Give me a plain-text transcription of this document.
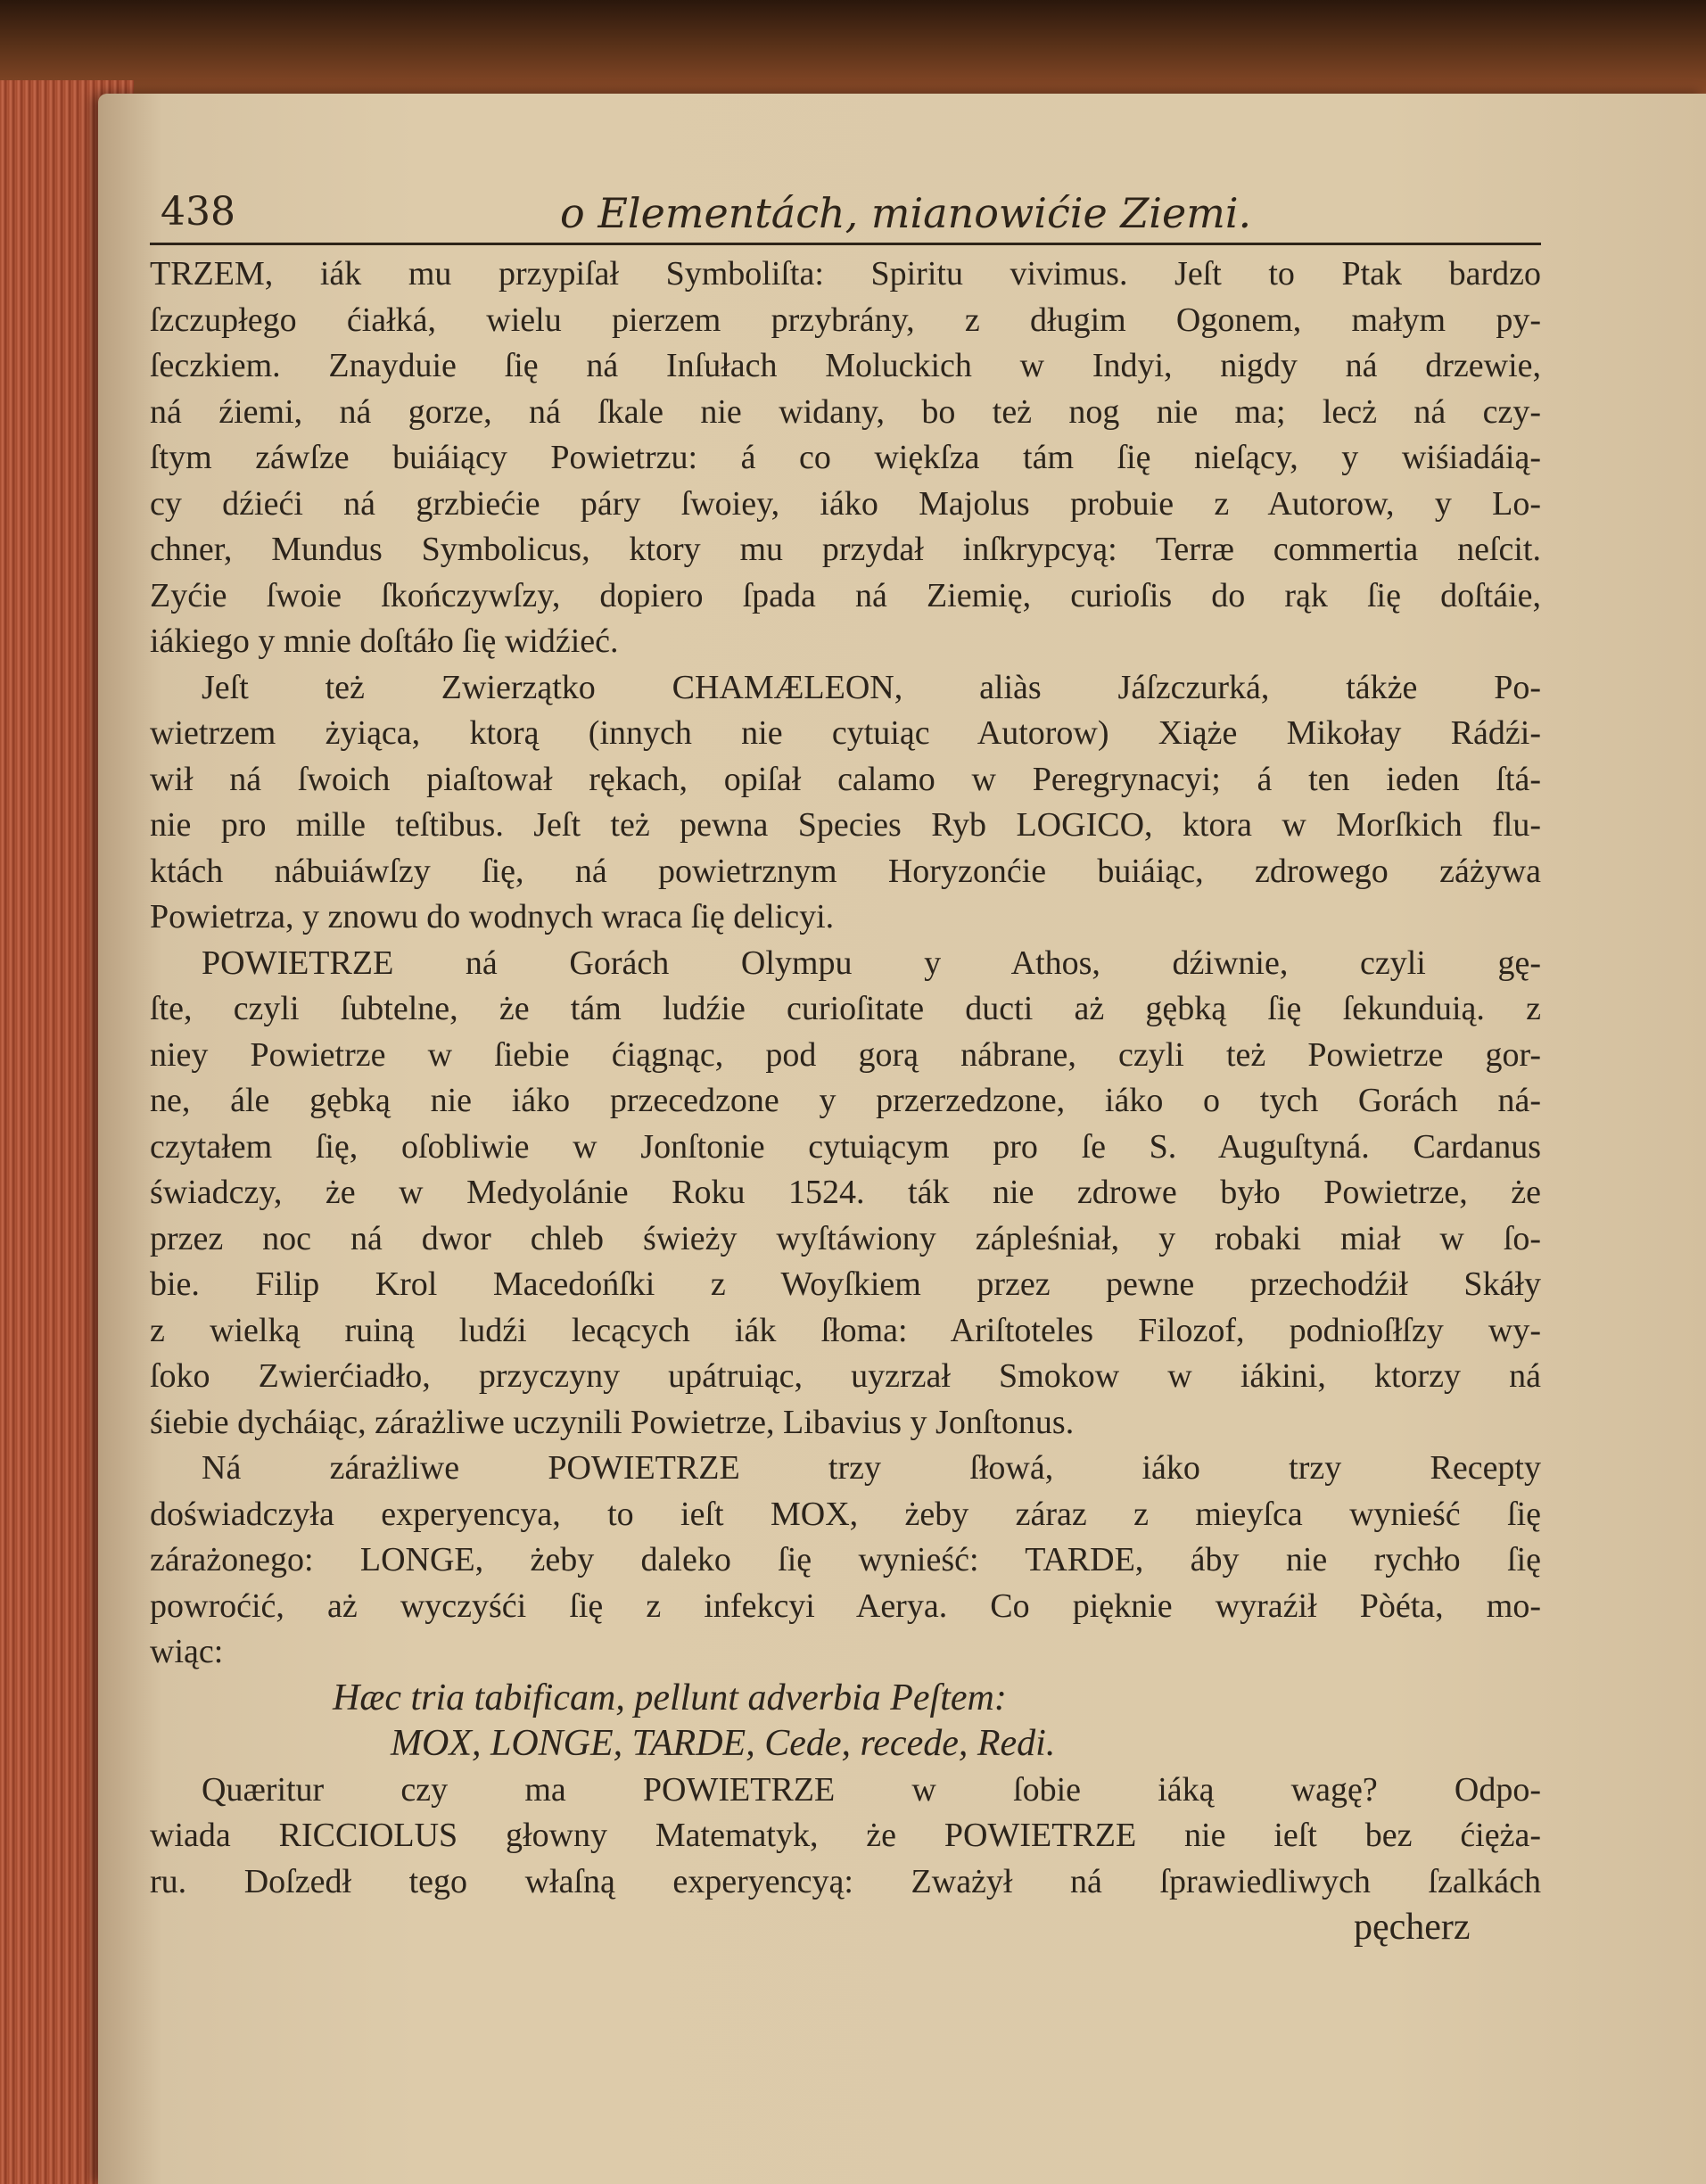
438	o Elementách, mianowićie Ziemi.
TRZEM, iák mu przypiſał Symboliſta: Spiritu vivimus. Jeſt to Ptak bardzo
ſzczupłego ćiałká, wielu pierzem przybrány, z długim Ogonem, małym py-
ſeczkiem. Znayduie ſię ná Inſułach Moluckich w Indyi, nigdy ná drzewie,
ná źiemi, ná gorze, ná ſkale nie widany, bo też nog nie ma; lecż ná czy-
ſtym záwſze buiáiący Powietrzu: á co więkſza tám ſię nieſący, y wiśiadáią-
cy dźieći ná grzbiećie páry ſwoiey, iáko Majolus probuie z Autorow, y Lo-
chner, Mundus Symbolicus, ktory mu przydał inſkrypcyą: Terræ commertia neſcit.
Zyćie ſwoie ſkończywſzy, dopiero ſpada ná Ziemię, curioſis do rąk ſię doſtáie,
iákiego y mnie doſtáło ſię widźieć.
Jeſt też Zwierzątko CHAMÆLEON, aliàs Jáſzczurká, tákże Po-
wietrzem żyiąca, ktorą (innych nie cytuiąc Autorow) Xiąże Mikołay Rádźi-
wił ná ſwoich piaſtował rękach, opiſał calamo w Peregrynacyi; á ten ieden ſtá-
nie pro mille teſtibus. Jeſt też pewna Species Ryb LOGICO, ktora w Morſkich flu-
ktách nábuiáwſzy ſię, ná powietrznym Horyzonćie buiáiąc, zdrowego záżywa
Powietrza, y znowu do wodnych wraca ſię delicyi.
POWIETRZE ná Gorách Olympu y Athos, dźiwnie, czyli gę-
ſte, czyli ſubtelne, że tám ludźie curioſitate ducti aż gębką ſię ſekunduią. z
niey Powietrze w ſiebie ćiągnąc, pod gorą nábrane, czyli też Powietrze gor-
ne, ále gębką nie iáko przecedzone y przerzedzone, iáko o tych Gorách ná-
czytałem ſię, oſobliwie w Jonſtonie cytuiącym pro ſe S. Auguſtyná. Cardanus
świadczy, że w Medyolánie Roku 1524. ták nie zdrowe było Powietrze, że
przez noc ná dwor chleb świeży wyſtáwiony zápleśniał, y robaki miał w ſo-
bie. Filip Krol Macedońſki z Woyſkiem przez pewne przechodźił Skáły
z wielką ruiną ludźi lecących iák ſłoma: Ariſtoteles Filozof, podnioſłſzy wy-
ſoko Zwierćiadło, przyczyny upátruiąc, uyzrzał Smokow w iákini, ktorzy ná
śiebie dycháiąc, zárażliwe uczynili Powietrze, Libavius y Jonſtonus.
Ná zárażliwe POWIETRZE trzy ſłowá, iáko trzy Recepty
doświadczyła experyencya, to ieſt MOX, żeby záraz z mieyſca wynieść ſię
zárażonego: LONGE, żeby daleko ſię wynieść: TARDE, áby nie rychło ſię
powroćić, aż wyczyśći ſię z infekcyi Aerya. Co pięknie wyraźił Pòéta, mo-
wiąc:
Hæc tria tabificam, pellunt adverbia Peſtem:
MOX, LONGE, TARDE, Cede, recede, Redi.
Quæritur czy ma POWIETRZE w ſobie iáką wagę? Odpo-
wiada RICCIOLUS głowny Matematyk, że POWIETRZE nie ieſt bez ćięża-
ru. Doſzedł tego właſną experyencyą: Zważył ná ſprawiedliwych ſzalkách
pęcherz
